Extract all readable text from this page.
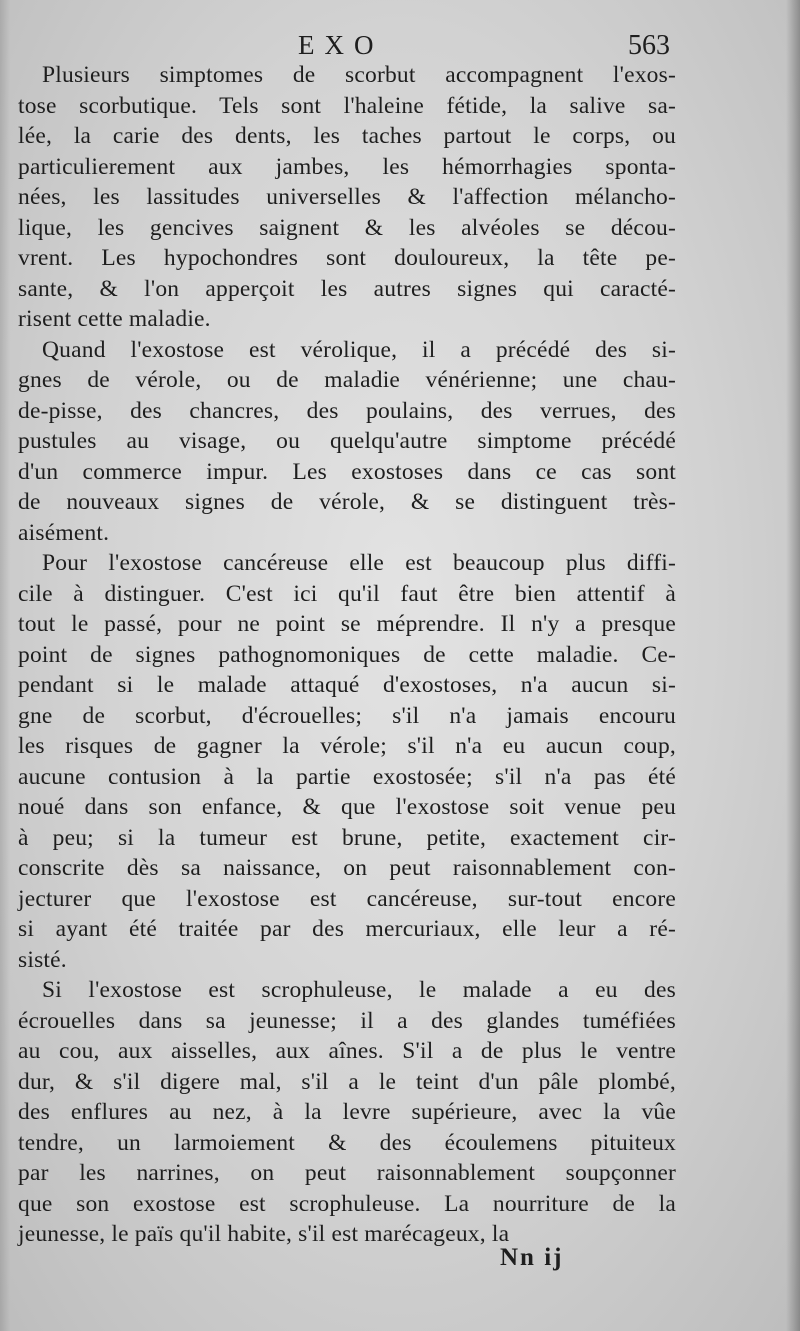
EXO	563
Plusieurs simptomes de scorbut accompagnent l'exos-
tose scorbutique. Tels sont l'haleine fétide, la salive sa-
lée, la carie des dents, les taches partout le corps, ou
particulierement aux jambes, les hémorrhagies sponta-
nées, les lassitudes universelles & l'affection mélancho-
lique, les gencives saignent & les alvéoles se décou-
vrent. Les hypochondres sont douloureux, la tête pe-
sante, & l'on apperçoit les autres signes qui caracté-
risent cette maladie.
Quand l'exostose est vérolique, il a précédé des si-
gnes de vérole, ou de maladie vénérienne; une chau-
de-pisse, des chancres, des poulains, des verrues, des
pustules au visage, ou quelqu'autre simptome précédé
d'un commerce impur. Les exostoses dans ce cas sont
de nouveaux signes de vérole, & se distinguent très-
aisément.
Pour l'exostose cancéreuse elle est beaucoup plus diffi-
cile à distinguer. C'est ici qu'il faut être bien attentif à
tout le passé, pour ne point se méprendre. Il n'y a presque
point de signes pathognomoniques de cette maladie. Ce-
pendant si le malade attaqué d'exostoses, n'a aucun si-
gne de scorbut, d'écrouelles; s'il n'a jamais encouru
les risques de gagner la vérole; s'il n'a eu aucun coup,
aucune contusion à la partie exostosée; s'il n'a pas été
noué dans son enfance, & que l'exostose soit venue peu
à peu; si la tumeur est brune, petite, exactement cir-
conscrite dès sa naissance, on peut raisonnablement con-
jecturer que l'exostose est cancéreuse, sur-tout encore
si ayant été traitée par des mercuriaux, elle leur a ré-
sisté.
Si l'exostose est scrophuleuse, le malade a eu des
écrouelles dans sa jeunesse; il a des glandes tuméfiées
au cou, aux aisselles, aux aînes. S'il a de plus le ventre
dur, & s'il digere mal, s'il a le teint d'un pâle plombé,
des enflures au nez, à la levre supérieure, avec la vûe
tendre, un larmoiement & des écoulemens pituiteux
par les narrines, on peut raisonnablement soupçonner
que son exostose est scrophuleuse. La nourriture de la
jeunesse, le païs qu'il habite, s'il est marécageux, la
Nn ij
